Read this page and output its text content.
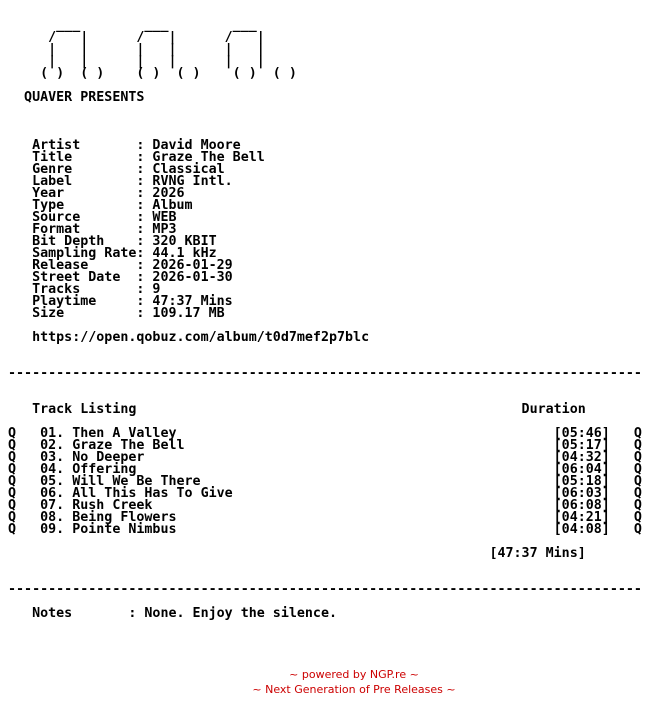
___        ___        ___
/   |      /   |      /   |
|   |      |   |      |   |
|   |      |   |      |   |
( )  ( )    ( )  ( )    ( )  ( )

QUAVER PRESENTS

Artist       : David Moore
Title        : Graze The Bell
Genre        : Classical
Label        : RVNG Intl.
Year         : 2026
Type         : Album
Source       : WEB
Format       : MP3
Bit Depth    : 320 KBIT
Sampling Rate: 44.1 kHz
Release      : 2026-01-29
Street Date  : 2026-01-30
Tracks       : 9
Playtime     : 47:37 Mins
Size         : 109.17 MB

https://open.qobuz.com/album/t0d7mef2p7blc

-------------------------------------------------------------------------------

Track Listing                                                Duration

Q   01. Then A Valley                                               [05:46]   Q
Q   02. Graze The Bell                                              [05:17]   Q
Q   03. No Deeper                                                   [04:32]   Q
Q   04. Offering                                                    [06:04]   Q
Q   05. Will We Be There                                            [05:18]   Q
Q   06. All This Has To Give                                        [06:03]   Q
Q   07. Rush Creek                                                  [06:08]   Q
Q   08. Being Flowers                                               [04:21]   Q
Q   09. Pointe Nimbus                                               [04:08]   Q

[47:37 Mins]

-------------------------------------------------------------------------------

Notes       : None. Enjoy the silence.
~ powered by NGP.re ~
~ Next Generation of Pre Releases ~
